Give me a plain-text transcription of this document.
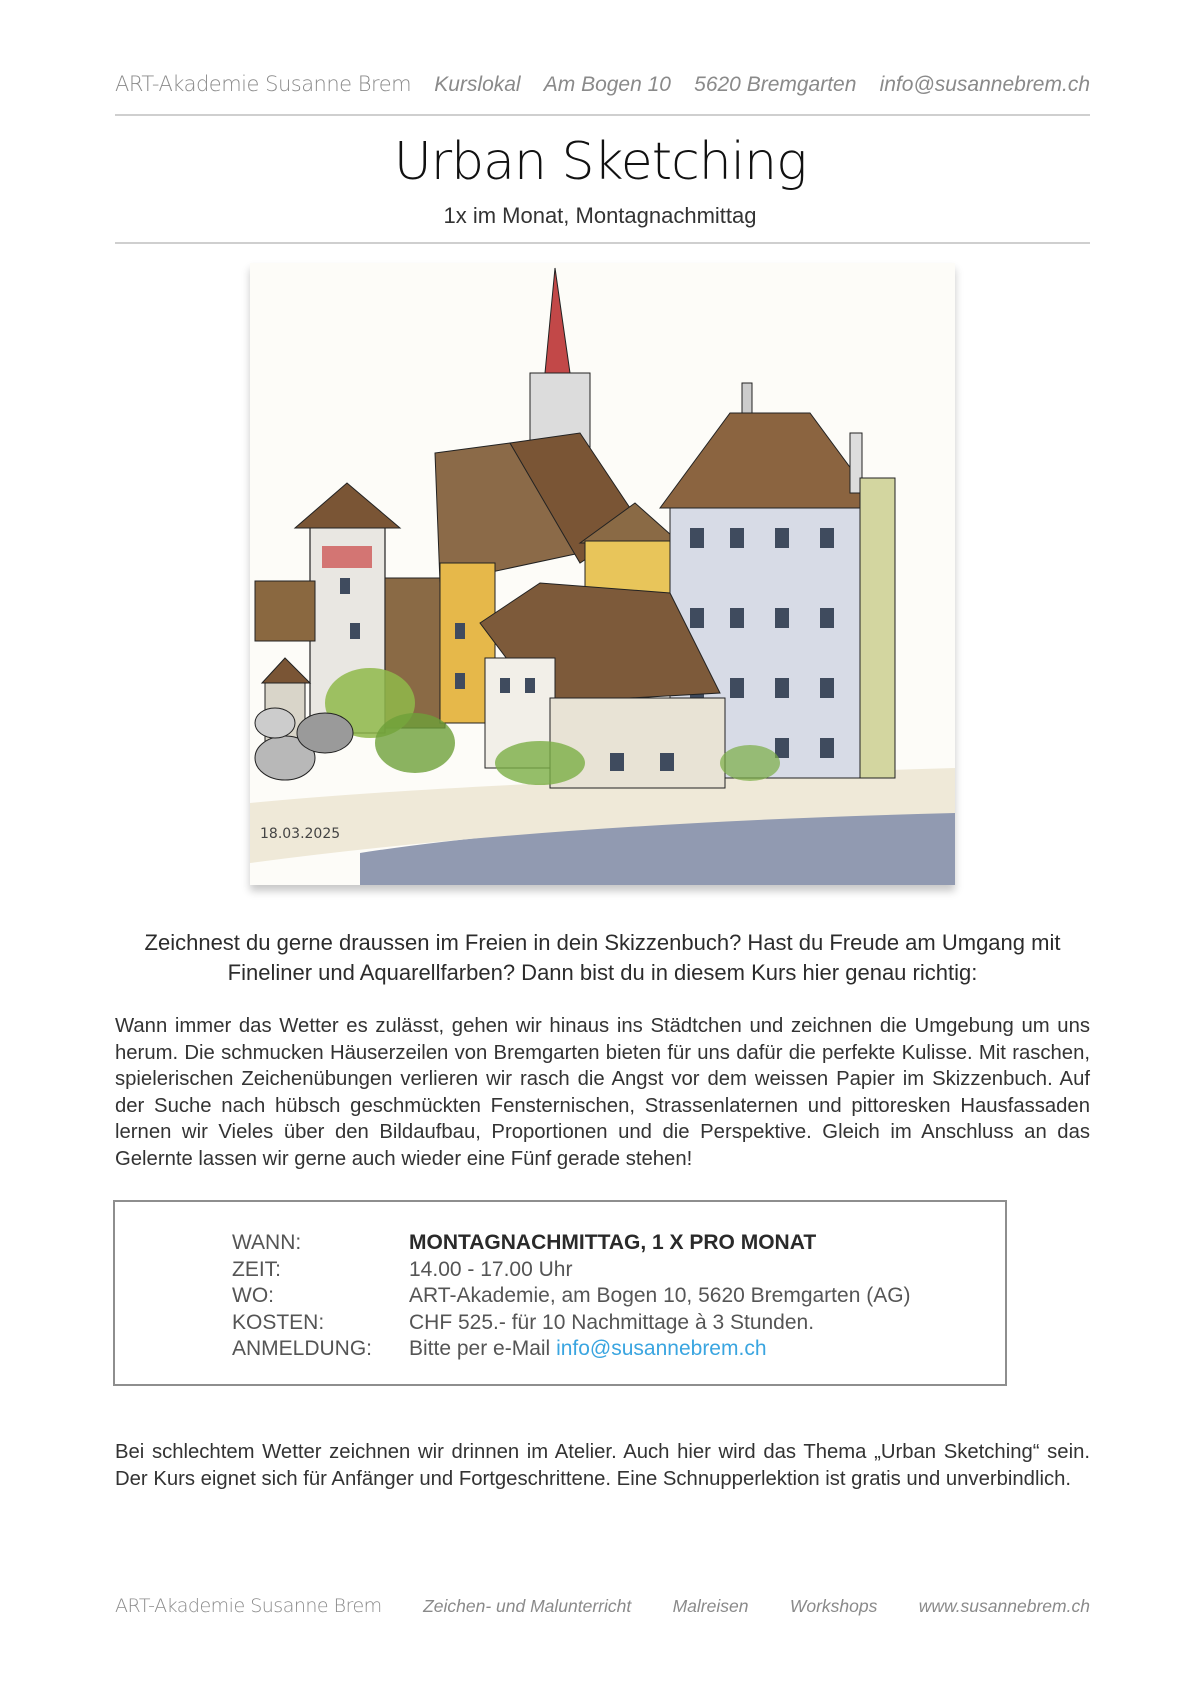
ART-Akademie Susanne Brem Kurslokal Am Bogen 10 5620 Bremgarten info@susannebrem.ch
Urban Sketching
1x im Monat, Montagnachmittag
18.03.2025
Zeichnest du gerne draussen im Freien in dein Skizzenbuch? Hast du Freude am Umgang mit Fineliner und Aquarellfarben? Dann bist du in diesem Kurs hier genau richtig:
Wann immer das Wetter es zulässt, gehen wir hinaus ins Städtchen und zeichnen die Umgebung um uns herum. Die schmucken Häuserzeilen von Bremgarten bieten für uns dafür die perfekte Kulisse. Mit raschen, spielerischen Zeichenübungen verlieren wir rasch die Angst vor dem weissen Papier im Skizzenbuch. Auf der Suche nach hübsch geschmückten Fensternischen, Strassenlaternen und pittoresken Hausfassaden lernen wir Vieles über den Bildaufbau, Proportionen und die Perspektive. Gleich im Anschluss an das Gelernte lassen wir gerne auch wieder eine Fünf gerade stehen!
WANN:	MONTAGNACHMITTAG, 1 X PRO MONAT
ZEIT:	14.00 - 17.00 Uhr
WO:	ART-Akademie, am Bogen 10, 5620 Bremgarten (AG)
KOSTEN:	CHF 525.- für 10 Nachmittage à 3 Stunden.
ANMELDUNG:	Bitte per e-Mail info@susannebrem.ch
Bei schlechtem Wetter zeichnen wir drinnen im Atelier. Auch hier wird das Thema „Urban Sketching“ sein. Der Kurs eignet sich für Anfänger und Fortgeschrittene. Eine Schnupperlektion ist gratis und unverbindlich.
ART-Akademie Susanne Brem Zeichen- und Malunterricht Malreisen Workshops www.susannebrem.ch
